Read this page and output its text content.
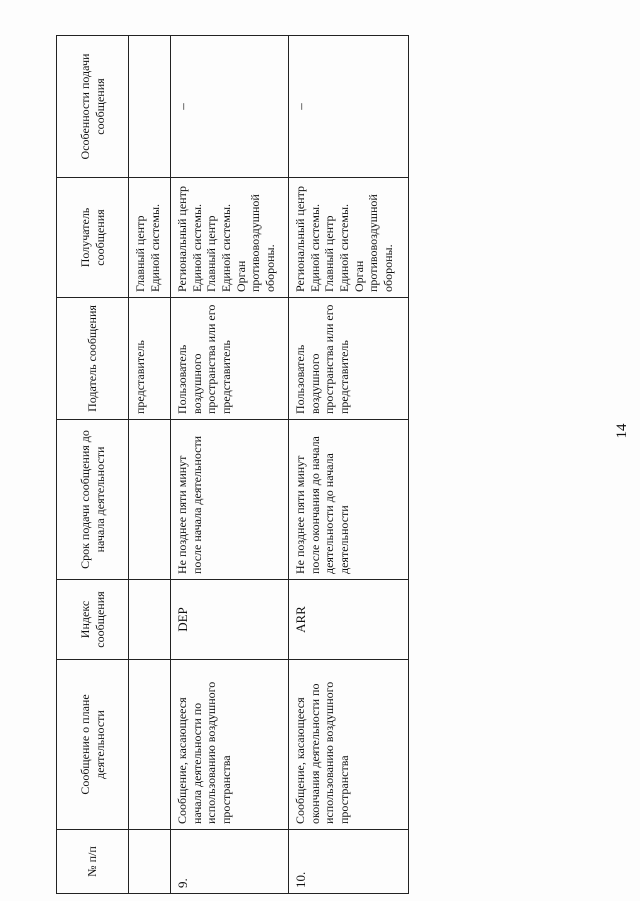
14
№ п/п	Сообщение о плане деятельности	Индекс сообщения	Срок подачи сообщения до начала деятельности	Податель сообщения	Получатель сообщения	Особенности подачи сообщения
				представитель	Главный центр Единой системы.	

9.	Сообщение, касающееся начала деятельности по использованию воздушного пространства	DEP	Не позднее пяти минут после начала деятельности	Пользователь воздушного пространства или его представитель	Региональный центр Единой системы. Главный центр Единой системы. Орган противовоздушной обороны.	–
10.	Сообщение, касающееся окончания деятельности по использованию воздушного пространства	ARR	Не позднее пяти минут после окончания до начала деятельности до начала деятельности	Пользователь воздушного пространства или его представитель	Региональный центр Единой системы. Главный центр Единой системы. Орган противовоздушной обороны.	–
